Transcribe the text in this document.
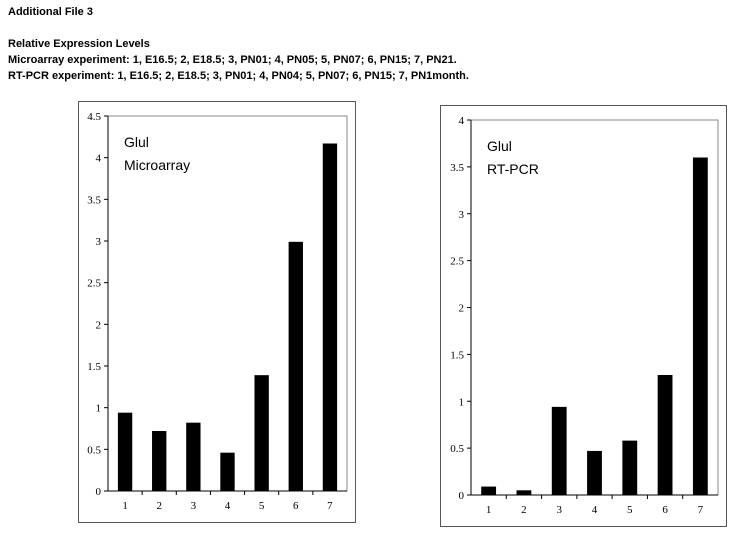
Additional File 3
Relative Expression Levels
Microarray experiment: 1, E16.5; 2, E18.5; 3, PN01; 4, PN05; 5, PN07; 6, PN15; 7, PN21.
RT-PCR experiment: 1, E16.5; 2, E18.5; 3, PN01; 4, PN04; 5, PN07; 6, PN15; 7, PN1month.
0
0.5
1
1.5
2
2.5
3
3.5
4
4.5
1	2	3	4	5	6	7
Glul
Microarray
0
0.5
1
1.5
2
2.5
3
3.5
4
1	2	3	4	5	6	7
Glul
RT-PCR
